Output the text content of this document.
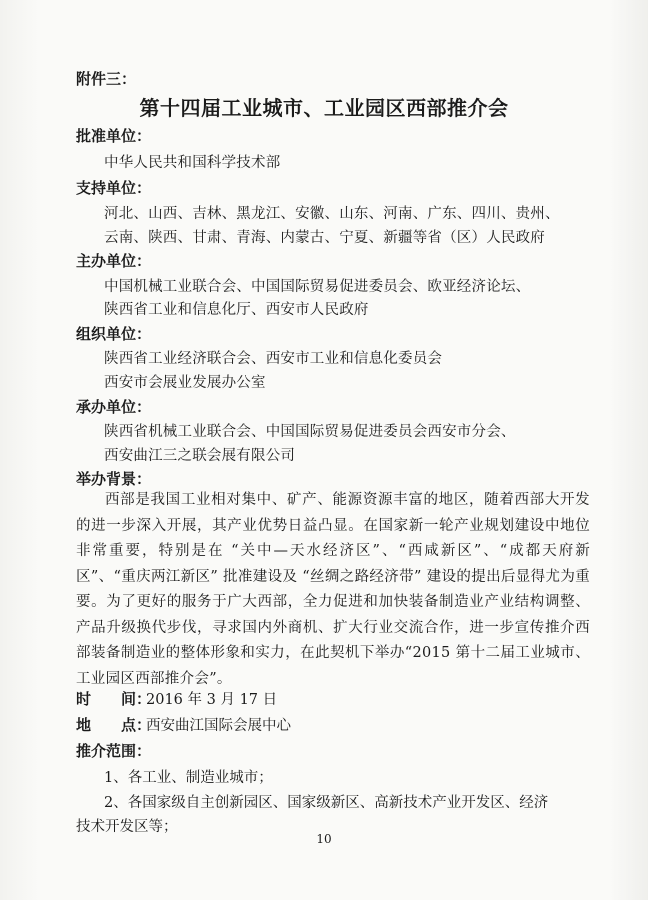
附件三：
第十四届工业城市、工业园区西部推介会
批准单位：
中华人民共和国科学技术部
支持单位：
河北、山西、吉林、黑龙江、安徽、山东、河南、广东、四川、贵州、
云南、陕西、甘肃、青海、内蒙古、宁夏、新疆等省（区）人民政府
主办单位：
中国机械工业联合会、中国国际贸易促进委员会、欧亚经济论坛、
陕西省工业和信息化厅、西安市人民政府
组织单位：
陕西省工业经济联合会、西安市工业和信息化委员会
西安市会展业发展办公室
承办单位：
陕西省机械工业联合会、中国国际贸易促进委员会西安市分会、
西安曲江三之联会展有限公司
举办背景：
西部是我国工业相对集中、矿产、能源资源丰富的地区，随着西部大开发的进一步深入开展，其产业优势日益凸显。在国家新一轮产业规划建设中地位非常重要，特别是在 “关中—天水经济区”、“西咸新区”、“成都天府新区”、“重庆两江新区” 批准建设及 “丝绸之路经济带” 建设的提出后显得尤为重要。为了更好的服务于广大西部，全力促进和加快装备制造业产业结构调整、产品升级换代步伐，寻求国内外商机、扩大行业交流合作，进一步宣传推介西部装备制造业的整体形象和实力，在此契机下举办“2015 第十二届工业城市、工业园区西部推介会”。
时　　间：2016 年 3 月 17 日
地　　点：西安曲江国际会展中心
推介范围：
1、各工业、制造业城市；
2、各国家级自主创新园区、国家级新区、高新技术产业开发区、经济
技术开发区等；
10
